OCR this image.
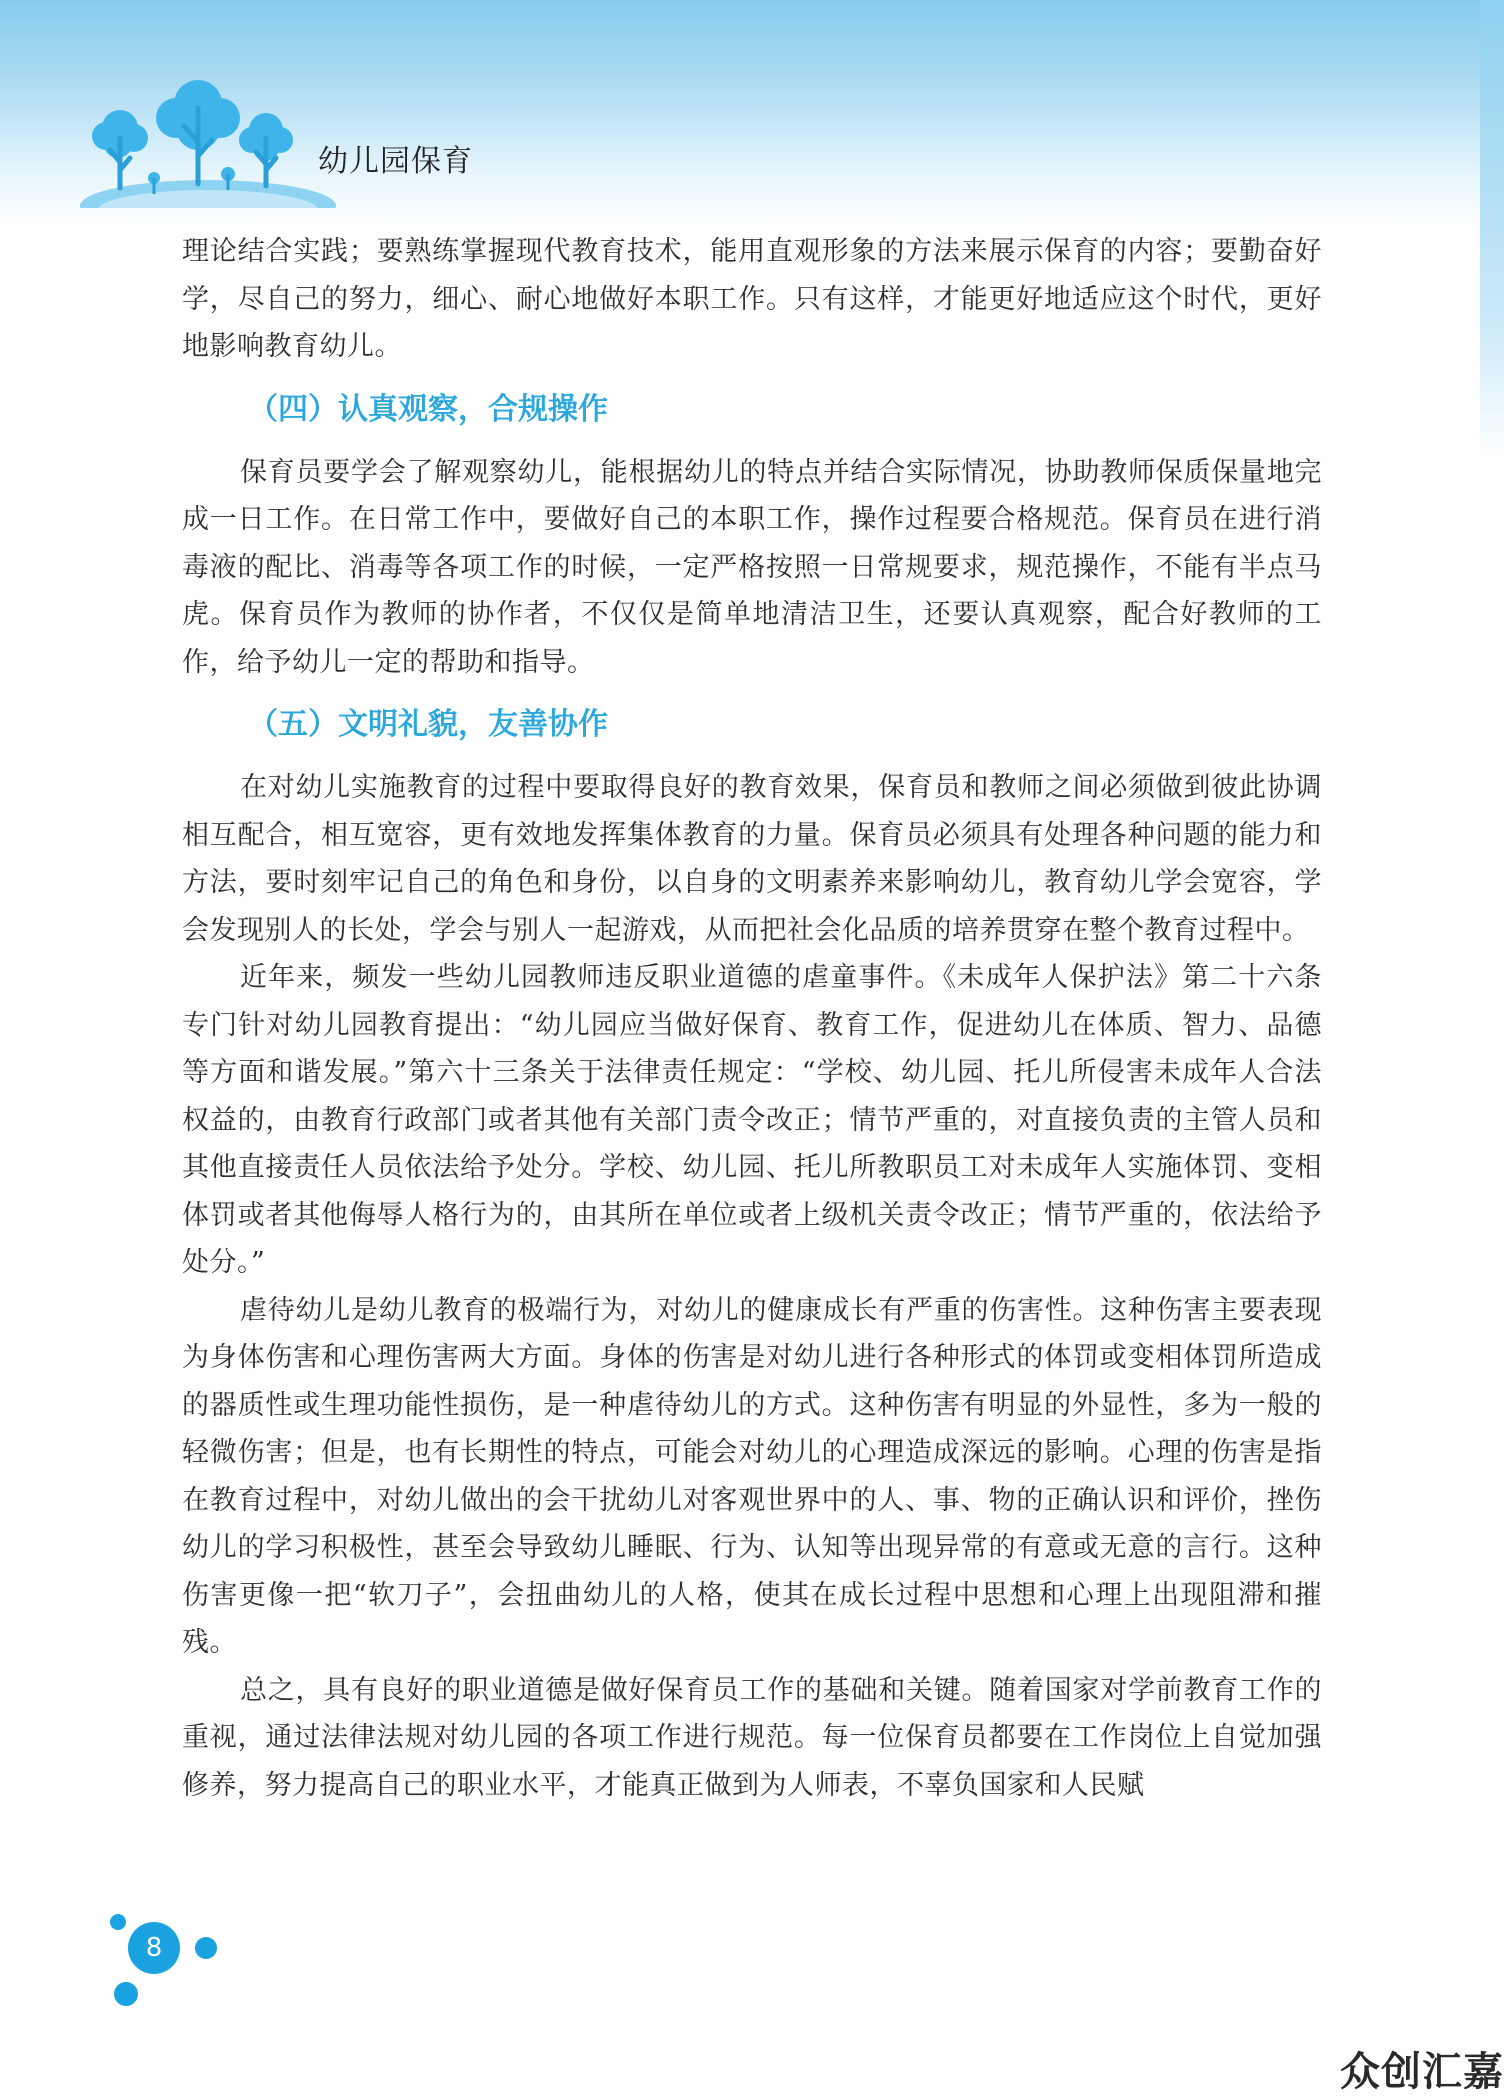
幼儿园保育

理论结合实践；要熟练掌握现代教育技术，能用直观形象的方法来展示保育的内容；要勤奋好学，尽自己的努力，细心、耐心地做好本职工作。只有这样，才能更好地适应这个时代，更好地影响教育幼儿。

（四）认真观察，合规操作

保育员要学会了解观察幼儿，能根据幼儿的特点并结合实际情况，协助教师保质保量地完成一日工作。在日常工作中，要做好自己的本职工作，操作过程要合格规范。保育员在进行消毒液的配比、消毒等各项工作的时候，一定严格按照一日常规要求，规范操作，不能有半点马虎。保育员作为教师的协作者，不仅仅是简单地清洁卫生，还要认真观察，配合好教师的工作，给予幼儿一定的帮助和指导。

（五）文明礼貌，友善协作

在对幼儿实施教育的过程中要取得良好的教育效果，保育员和教师之间必须做到彼此协调相互配合，相互宽容，更有效地发挥集体教育的力量。保育员必须具有处理各种问题的能力和方法，要时刻牢记自己的角色和身份，以自身的文明素养来影响幼儿，教育幼儿学会宽容，学会发现别人的长处，学会与别人一起游戏，从而把社会化品质的培养贯穿在整个教育过程中。

近年来，频发一些幼儿园教师违反职业道德的虐童事件。《未成年人保护法》第二十六条专门针对幼儿园教育提出：“幼儿园应当做好保育、教育工作，促进幼儿在体质、智力、品德等方面和谐发展。”第六十三条关于法律责任规定：“学校、幼儿园、托儿所侵害未成年人合法权益的，由教育行政部门或者其他有关部门责令改正；情节严重的，对直接负责的主管人员和其他直接责任人员依法给予处分。学校、幼儿园、托儿所教职员工对未成年人实施体罚、变相体罚或者其他侮辱人格行为的，由其所在单位或者上级机关责令改正；情节严重的，依法给予处分。”

虐待幼儿是幼儿教育的极端行为，对幼儿的健康成长有严重的伤害性。这种伤害主要表现为身体伤害和心理伤害两大方面。身体的伤害是对幼儿进行各种形式的体罚或变相体罚所造成的器质性或生理功能性损伤，是一种虐待幼儿的方式。这种伤害有明显的外显性，多为一般的轻微伤害；但是，也有长期性的特点，可能会对幼儿的心理造成深远的影响。心理的伤害是指在教育过程中，对幼儿做出的会干扰幼儿对客观世界中的人、事、物的正确认识和评价，挫伤幼儿的学习积极性，甚至会导致幼儿睡眠、行为、认知等出现异常的有意或无意的言行。这种伤害更像一把“软刀子”，会扭曲幼儿的人格，使其在成长过程中思想和心理上出现阻滞和摧残。

总之，具有良好的职业道德是做好保育员工作的基础和关键。随着国家对学前教育工作的重视，通过法律法规对幼儿园的各项工作进行规范。每一位保育员都要在工作岗位上自觉加强修养，努力提高自己的职业水平，才能真正做到为人师表，不辜负国家和人民赋

8
众创汇嘉
